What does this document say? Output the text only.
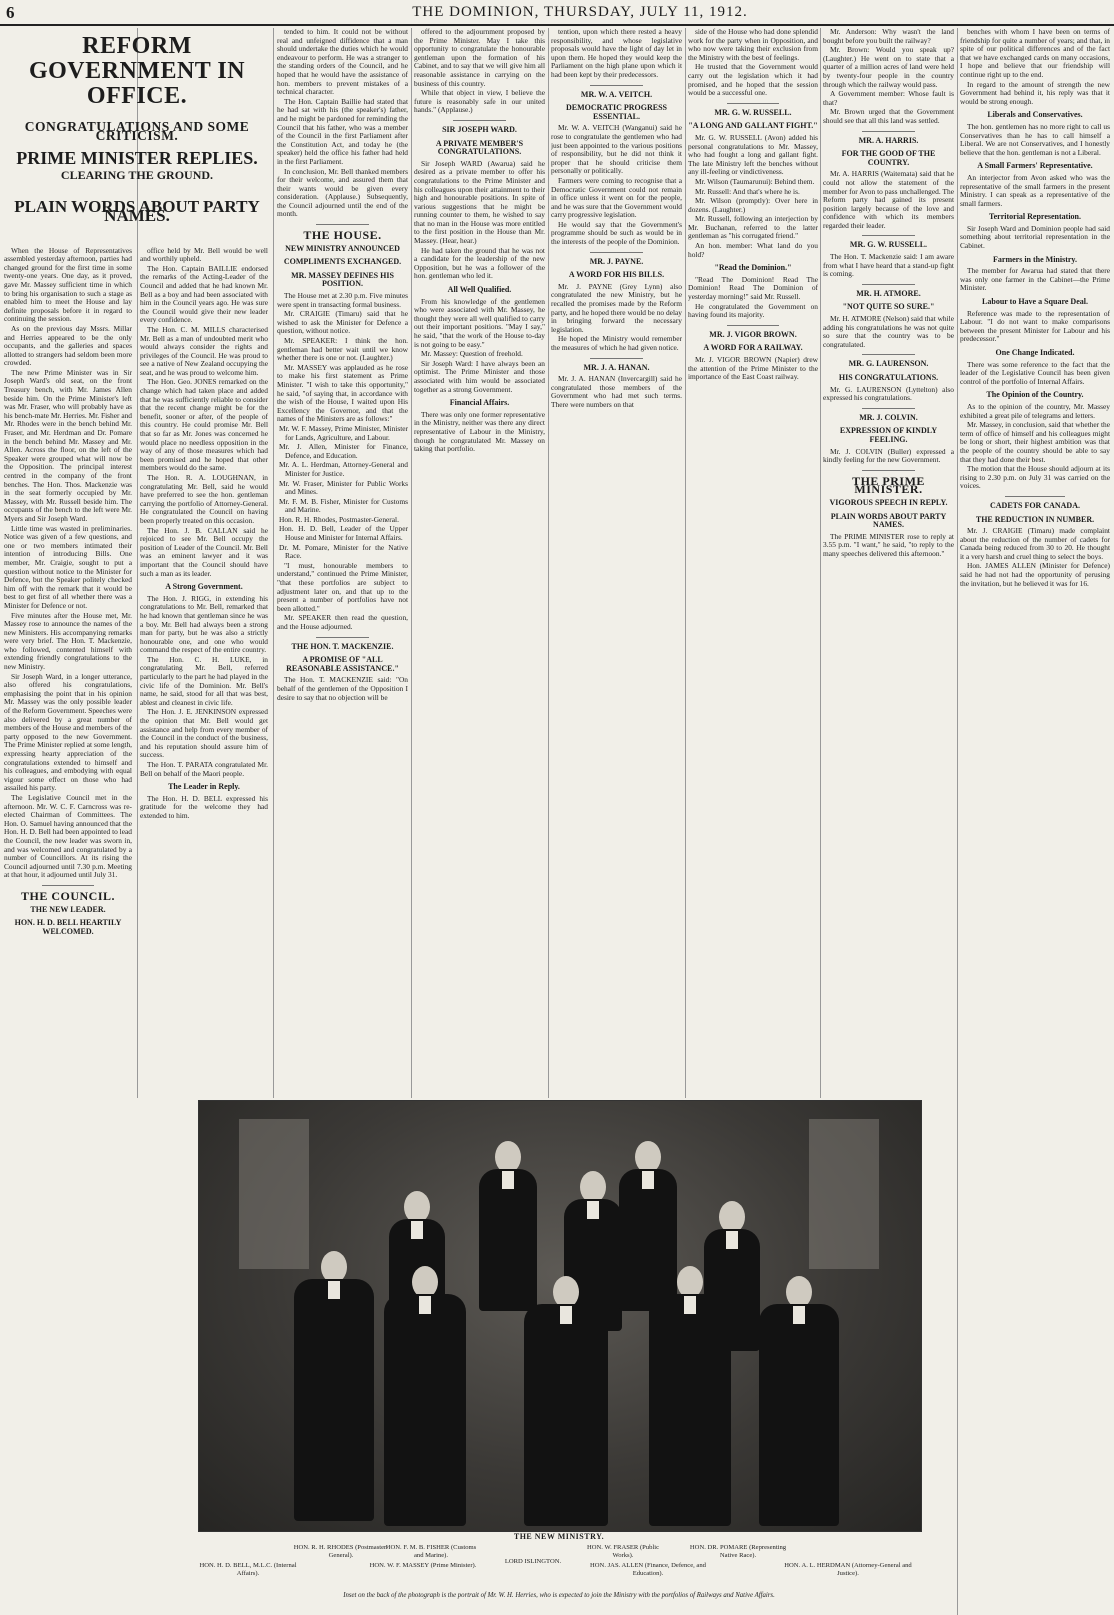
6	THE DOMINION, THURSDAY, JULY 11, 1912.
REFORM GOVERNMENT IN OFFICE.
CONGRATULATIONS AND SOME CRITICISM.
PRIME MINISTER REPLIES.
CLEARING THE GROUND.
PLAIN WORDS ABOUT PARTY NAMES.

When the House of Representatives assembled yesterday afternoon, parties had changed ground for the first time in some twenty-one years. One day, as it proved, gave Mr. Massey sufficient time in which to bring his organisation to such a stage as enabled him to meet the House and lay definite proposals before it in regard to continuing the session.

As on the previous day Mssrs. Millar and Herries appeared to be the only occupants, and the galleries and spaces allotted to strangers had seldom been more crowded.

The new Prime Minister was in Sir Joseph Ward's old seat, on the front Treasury bench, with Mr. James Allen beside him. On the Prime Minister's left was Mr. Fraser, who will probably have as his bench-mate Mr. Herries. Mr. Fisher and Mr. Rhodes were in the bench behind Mr. Fraser, and Mr. Herdman and Dr. Pomare in the bench behind Mr. Massey and Mr. Allen. Across the floor, on the left of the Speaker were grouped what will now be the Opposition. The principal interest centred in the company of the front benches. The Hon. Thos. Mackenzie was in the seat formerly occupied by Mr. Massey, with Mr. Russell beside him. The occupants of the bench to the left were Mr. Myers and Sir Joseph Ward.

Little time was wasted in preliminaries. Notice was given of a few questions, and one or two members intimated their intention of introducing Bills. One member, Mr. Craigie, sought to put a question without notice to the Minister for Defence, but the Speaker politely checked him off with the remark that it would be best to get first of all whether there was a Minister for Defence or not.

Five minutes after the House met, Mr. Massey rose to announce the names of the new Ministers. His accompanying remarks were very brief. The Hon. T. Mackenzie, who followed, contented himself with extending friendly congratulations to the new Ministry.

Sir Joseph Ward, in a longer utterance, also offered his congratulations, emphasising the point that in his opinion Mr. Massey was the only possible leader of the Reform Government. Speeches were also delivered by a great number of members of the House and members of the party opposed to the new Government. The Prime Minister replied at some length, expressing hearty appreciation of the congratulations extended to himself and his colleagues, and embodying with equal vigour some effect on those who had assailed his party.

The Legislative Council met in the afternoon. Mr. W. C. F. Carncross was re-elected Chairman of Committees. The Hon. O. Samuel having announced that the Hon. H. D. Bell had been appointed to lead the Council, the new leader was sworn in, and was welcomed and congratulated by a number of Councillors. At its rising the Council adjourned until 7.30 p.m. Meeting at that hour, it adjourned until July 31.

THE COUNCIL.
THE NEW LEADER.
HON. H. D. BELL HEARTILY WELCOMED.

office held by Mr. Bell would be well and worthily upheld.

The Hon. Captain BAILLIE endorsed the remarks of the Acting-Leader of the Council and added that he had known Mr. Bell as a boy and had been associated with him in the Council years ago. He was sure the Council would give their new leader every confidence.

The Hon. C. M. MILLS characterised Mr. Bell as a man of undoubted merit who would always consider the rights and privileges of the Council. He was proud to see a native of New Zealand occupying the seat, and he was proud to welcome him.

The Hon. Geo. JONES remarked on the change which had taken place and added that he was sufficiently reliable to consider that the recent change might be for the benefit, sooner or after, of the people of this country. He could promise Mr. Bell that so far as Mr. Jones was concerned he would place no needless opposition in the way of any of those measures which had been promised and he hoped that other members would do the same.

The Hon. R. A. LOUGHNAN, in congratulating Mr. Bell, said he would have preferred to see the hon. gentleman carrying the portfolio of Attorney-General. He congratulated the Council on having been properly treated on this occasion.

The Hon. J. B. CALLAN said he rejoiced to see Mr. Bell occupy the position of Leader of the Council. Mr. Bell was an eminent lawyer and it was important that the Council should have such a man as its leader.

A Strong Government.

The Hon. J. RIGG, in extending his congratulations to Mr. Bell, remarked that he had known that gentleman since he was a boy. Mr. Bell had always been a strong man for party, but he was also a strictly honourable one, and one who would command the respect of the entire country.

The Hon. C. H. LUKE, in congratulating Mr. Bell, referred particularly to the part he had played in the civic life of the Dominion. Mr. Bell's name, he said, stood for all that was best, ablest and cleanest in civic life.

The Hon. J. E. JENKINSON expressed the opinion that Mr. Bell would get assistance and help from every member of the Council in the conduct of the business, and his reputation should assure him of success.

The Hon. T. PARATA congratulated Mr. Bell on behalf of the Maori people.

The Leader in Reply.

The Hon. H. D. BELL expressed his gratitude for the welcome they had extended to him.

tended to him. It could not be without real and unfeigned diffidence that a man should undertake the duties which he would endeavour to perform. He was a stranger to the standing orders of the Council, and he hoped that he would have the assistance of hon. members to prevent mistakes of a technical character.

The Hon. Captain Baillie had stated that he had sat with his (the speaker's) father, and he might be pardoned for reminding the Council that his father, who was a member of the Council in the first Parliament after the Constitution Act, and today he (the speaker) held the office his father had held in the first Parliament.

In conclusion, Mr. Bell thanked members for their welcome, and assured them that their wants would be given every consideration. (Applause.) Subsequently, the Council adjourned until the end of the month.

THE HOUSE.
NEW MINISTRY ANNOUNCED
COMPLIMENTS EXCHANGED.
MR. MASSEY DEFINES HIS POSITION.

The House met at 2.30 p.m. Five minutes were spent in transacting formal business.

Mr. CRAIGIE (Timaru) said that he wished to ask the Minister for Defence a question, without notice.

Mr. SPEAKER: I think the hon. gentleman had better wait until we know whether there is one or not. (Laughter.)

Mr. MASSEY was applauded as he rose to make his first statement as Prime Minister. "I wish to take this opportunity," he said, "of saying that, in accordance with the wish of the House, I waited upon His Excellency the Governor, and that the names of the Ministers are as follows:"

Mr. W. F. Massey, Prime Minister, Minister for Lands, Agriculture, and Labour.

Mr. J. Allen, Minister for Finance, Defence, and Education.

Mr. A. L. Herdman, Attorney-General and Minister for Justice.

Mr. W. Fraser, Minister for Public Works and Mines.

Mr. F. M. B. Fisher, Minister for Customs and Marine.

Hon. R. H. Rhodes, Postmaster-General.

Hon. H. D. Bell, Leader of the Upper House and Minister for Internal Affairs.

Dr. M. Pomare, Minister for the Native Race.

"I must, honourable members to understand," continued the Prime Minister, "that these portfolios are subject to adjustment later on, and that up to the present a number of portfolios have not been allotted."

Mr. SPEAKER then read the question, and the House adjourned.

THE HON. T. MACKENZIE.
A PROMISE OF "ALL REASONABLE ASSISTANCE."

The Hon. T. MACKENZIE said: "On behalf of the gentlemen of the Opposition I desire to say that no objection will be

offered to the adjournment proposed by the Prime Minister. May I take this opportunity to congratulate the honourable gentleman upon the formation of his Cabinet, and to say that we will give him all reasonable assistance in carrying on the business of this country.

While that object in view, I believe the future is reasonably safe in our united hands." (Applause.)

SIR JOSEPH WARD.
A PRIVATE MEMBER'S CONGRATULATIONS.

Sir Joseph WARD (Awarua) said he desired as a private member to offer his congratulations to the Prime Minister and his colleagues upon their attainment to their high and honourable positions. In spite of various suggestions that he might be running counter to them, he wished to say that no man in the House was more entitled to the first position in the House than Mr. Massey. (Hear, hear.)

He had taken the ground that he was not a candidate for the leadership of the new Opposition, but he was a follower of the hon. gentleman who led it.

All Well Qualified.

From his knowledge of the gentlemen who were associated with Mr. Massey, he thought they were all well qualified to carry out their important positions. "May I say," he said, "that the work of the House to-day is not going to be easy."

Mr. Massey: Question of freehold.

Sir Joseph Ward: I have always been an optimist. The Prime Minister and those associated with him would be associated together as a strong Government.

Financial Affairs.

There was only one former representative in the Ministry, neither was there any direct representative of Labour in the Ministry, though he congratulated Mr. Massey on taking that portfolio.

tention, upon which there rested a heavy responsibility, and whose legislative proposals would have the light of day let in upon them. He hoped they would keep the Parliament on the high plane upon which it had been kept by their predecessors.

MR. W. A. VEITCH.
DEMOCRATIC PROGRESS ESSENTIAL.

Mr. W. A. VEITCH (Wanganui) said he rose to congratulate the gentlemen who had just been appointed to the various positions of responsibility, but he did not think it proper that he should criticise them personally or politically.

Farmers were coming to recognise that a Democratic Government could not remain in office unless it went on for the people, and he was sure that the Government would carry progressive legislation.

He would say that the Government's programme should be such as would be in the interests of the people of the Dominion.

MR. J. PAYNE.
A WORD FOR HIS BILLS.

Mr. J. PAYNE (Grey Lynn) also congratulated the new Ministry, but he recalled the promises made by the Reform party, and he hoped there would be no delay in bringing forward the necessary legislation.

He hoped the Ministry would remember the measures of which he had given notice.

MR. J. A. HANAN.

Mr. J. A. HANAN (Invercargill) said he congratulated those members of the Government who had met such terms. There were numbers on that

side of the House who had done splendid work for the party when in Opposition, and who now were taking their exclusion from the Ministry with the best of feelings.

He trusted that the Government would carry out the legislation which it had promised, and he hoped that the session would be a successful one.

MR. G. W. RUSSELL.
"A LONG AND GALLANT FIGHT."

Mr. G. W. RUSSELL (Avon) added his personal congratulations to Mr. Massey, who had fought a long and gallant fight. The late Ministry left the benches without any ill-feeling or vindictiveness.

Mr. Wilson (Taumarunui): Behind them.

Mr. Russell: And that's where he is.

Mr. Wilson (promptly): Over here in dozens. (Laughter.)

Mr. Russell, following an interjection by Mr. Buchanan, referred to the latter gentleman as "his corrugated friend."

An hon. member: What land do you hold?

"Read the Dominion."

"Read The Dominion! Read The Dominion! Read The Dominion of yesterday morning!" said Mr. Russell.

He congratulated the Government on having found its majority.

MR. J. VIGOR BROWN.
A WORD FOR A RAILWAY.

Mr. J. VIGOR BROWN (Napier) drew the attention of the Prime Minister to the importance of the East Coast railway.

Mr. Anderson: Why wasn't the land bought before you built the railway?

Mr. Brown: Would you speak up? (Laughter.) He went on to state that a quarter of a million acres of land were held by twenty-four people in the country through which the railway would pass.

A Government member: Whose fault is that?

Mr. Brown urged that the Government should see that all this land was settled.

MR. A. HARRIS.
FOR THE GOOD OF THE COUNTRY.

Mr. A. HARRIS (Waitemata) said that he could not allow the statement of the member for Avon to pass unchallenged. The Reform party had gained its present position largely because of the love and confidence with which its members regarded their leader.

MR. G. W. RUSSELL.

The Hon. T. Mackenzie said: I am aware from what I have heard that a stand-up fight is coming.

MR. H. ATMORE.
"NOT QUITE SO SURE."

Mr. H. ATMORE (Nelson) said that while adding his congratulations he was not quite so sure that the country was to be congratulated.

MR. G. LAURENSON.
HIS CONGRATULATIONS.

Mr. G. LAURENSON (Lyttelton) also expressed his congratulations.

MR. J. COLVIN.
EXPRESSION OF KINDLY FEELING.

Mr. J. COLVIN (Buller) expressed a kindly feeling for the new Government.

THE PRIME MINISTER.
VIGOROUS SPEECH IN REPLY.
PLAIN WORDS ABOUT PARTY NAMES.

The PRIME MINISTER rose to reply at 3.55 p.m. "I want," he said, "to reply to the many speeches delivered this afternoon."

benches with whom I have been on terms of friendship for quite a number of years; and that, in spite of our political differences and of the fact that we have exchanged cards on many occasions, I hope and believe that our friendship will continue right up to the end.

In regard to the amount of strength the new Government had behind it, his reply was that it would be strong enough.

Liberals and Conservatives.

The hon. gentlemen has no more right to call us Conservatives than he has to call himself a Liberal. We are not Conservatives, and I honestly believe that the hon. gentleman is not a Liberal.

A Small Farmers' Representative.

An interjector from Avon asked who was the representative of the small farmers in the present Ministry. I can speak as a representative of the small farmers.

Territorial Representation.

Sir Joseph Ward and Dominion people had said something about territorial representation in the Cabinet.

Farmers in the Ministry.

The member for Awarua had stated that there was only one farmer in the Cabinet—the Prime Minister.

Labour to Have a Square Deal.

Reference was made to the representation of Labour. "I do not want to make comparisons between the present Minister for Labour and his predecessor."

One Change Indicated.

There was some reference to the fact that the leader of the Legislative Council has been given control of the portfolio of Internal Affairs.

The Opinion of the Country.

As to the opinion of the country, Mr. Massey exhibited a great pile of telegrams and letters.

Mr. Massey, in conclusion, said that whether the term of office of himself and his colleagues might be long or short, their highest ambition was that the people of the country should be able to say that they had done their best.

The motion that the House should adjourn at its rising to 2.30 p.m. on July 31 was carried on the voices.

CADETS FOR CANADA.
THE REDUCTION IN NUMBER.

Mr. J. CRAIGIE (Timaru) made complaint about the reduction of the number of cadets for Canada being reduced from 30 to 20. He thought it a very harsh and cruel thing to select the boys.

Hon. JAMES ALLEN (Minister for Defence) said he had not had the opportunity of perusing the invitation, but he believed it was for 16.

THE NEW MINISTRY.
HON. R. H. RHODES (Postmaster-General).
HON. F. M. B. FISHER (Customs and Marine).
HON. W. F. MASSEY (Prime Minister).
LORD ISLINGTON.
HON. W. FRASER (Public Works).
HON. JAS. ALLEN (Finance, Defence, and Education).
HON. DR. POMARE (Representing Native Race).
HON. A. L. HERDMAN (Attorney-General and Justice).
HON. H. D. BELL, M.L.C. (Internal Affairs).
Inset on the back of the photograph is the portrait of Mr. W. H. Herries, who is expected to join the Ministry with the portfolios of Railways and Native Affairs.
